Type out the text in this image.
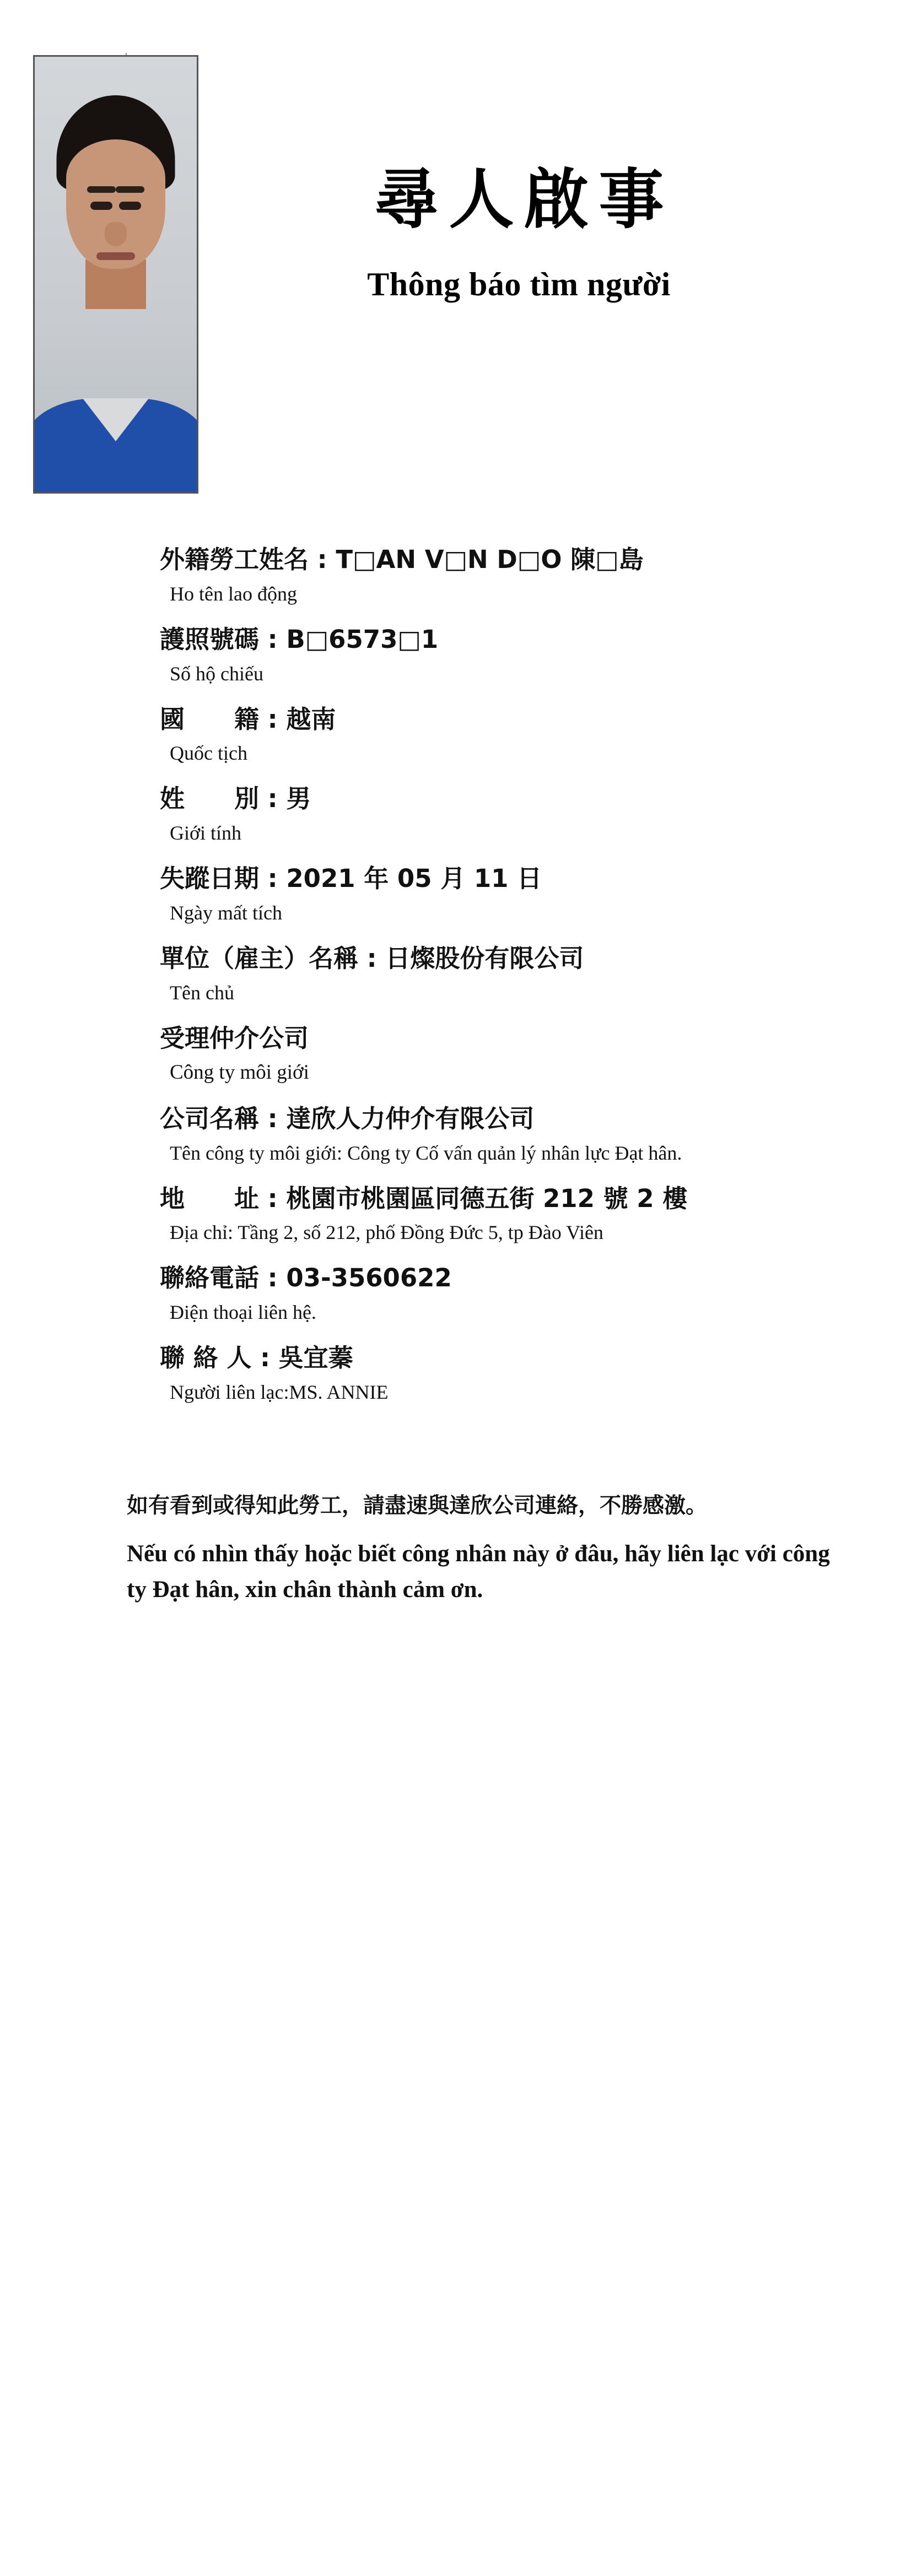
尋人啟事
Thông báo tìm người
外籍勞工姓名 : T□AN V□N D□O 陳□島
Ho tên lao động
護照號碼 : B□6573□1
Số hộ chiếu
國　　籍 : 越南
Quốc tịch
姓　　別 : 男
Giới tính
失蹤日期 : 2021 年 05 月 11 日
Ngày mất tích
單位（雇主）名稱 : 日燦股份有限公司
Tên chủ
受理仲介公司
Công ty môi giới
公司名稱 : 達欣人力仲介有限公司
Tên công ty môi giới: Công ty Cố vấn quản lý nhân lực Đạt hân.
地　　址 : 桃園市桃園區同德五街 212 號 2 樓
Địa chỉ: Tầng 2, số 212, phố Đồng Đức 5, tp Đào Viên
聯絡電話 : 03-3560622
Điện thoại liên hệ.
聯 絡 人 : 吳宜蓁
Người liên lạc:MS. ANNIE
如有看到或得知此勞工，請盡速與達欣公司連絡，不勝感激。
Nếu có nhìn thấy hoặc biết công nhân này ở đâu, hãy liên lạc với công ty Đạt hân, xin chân thành cảm ơn.
